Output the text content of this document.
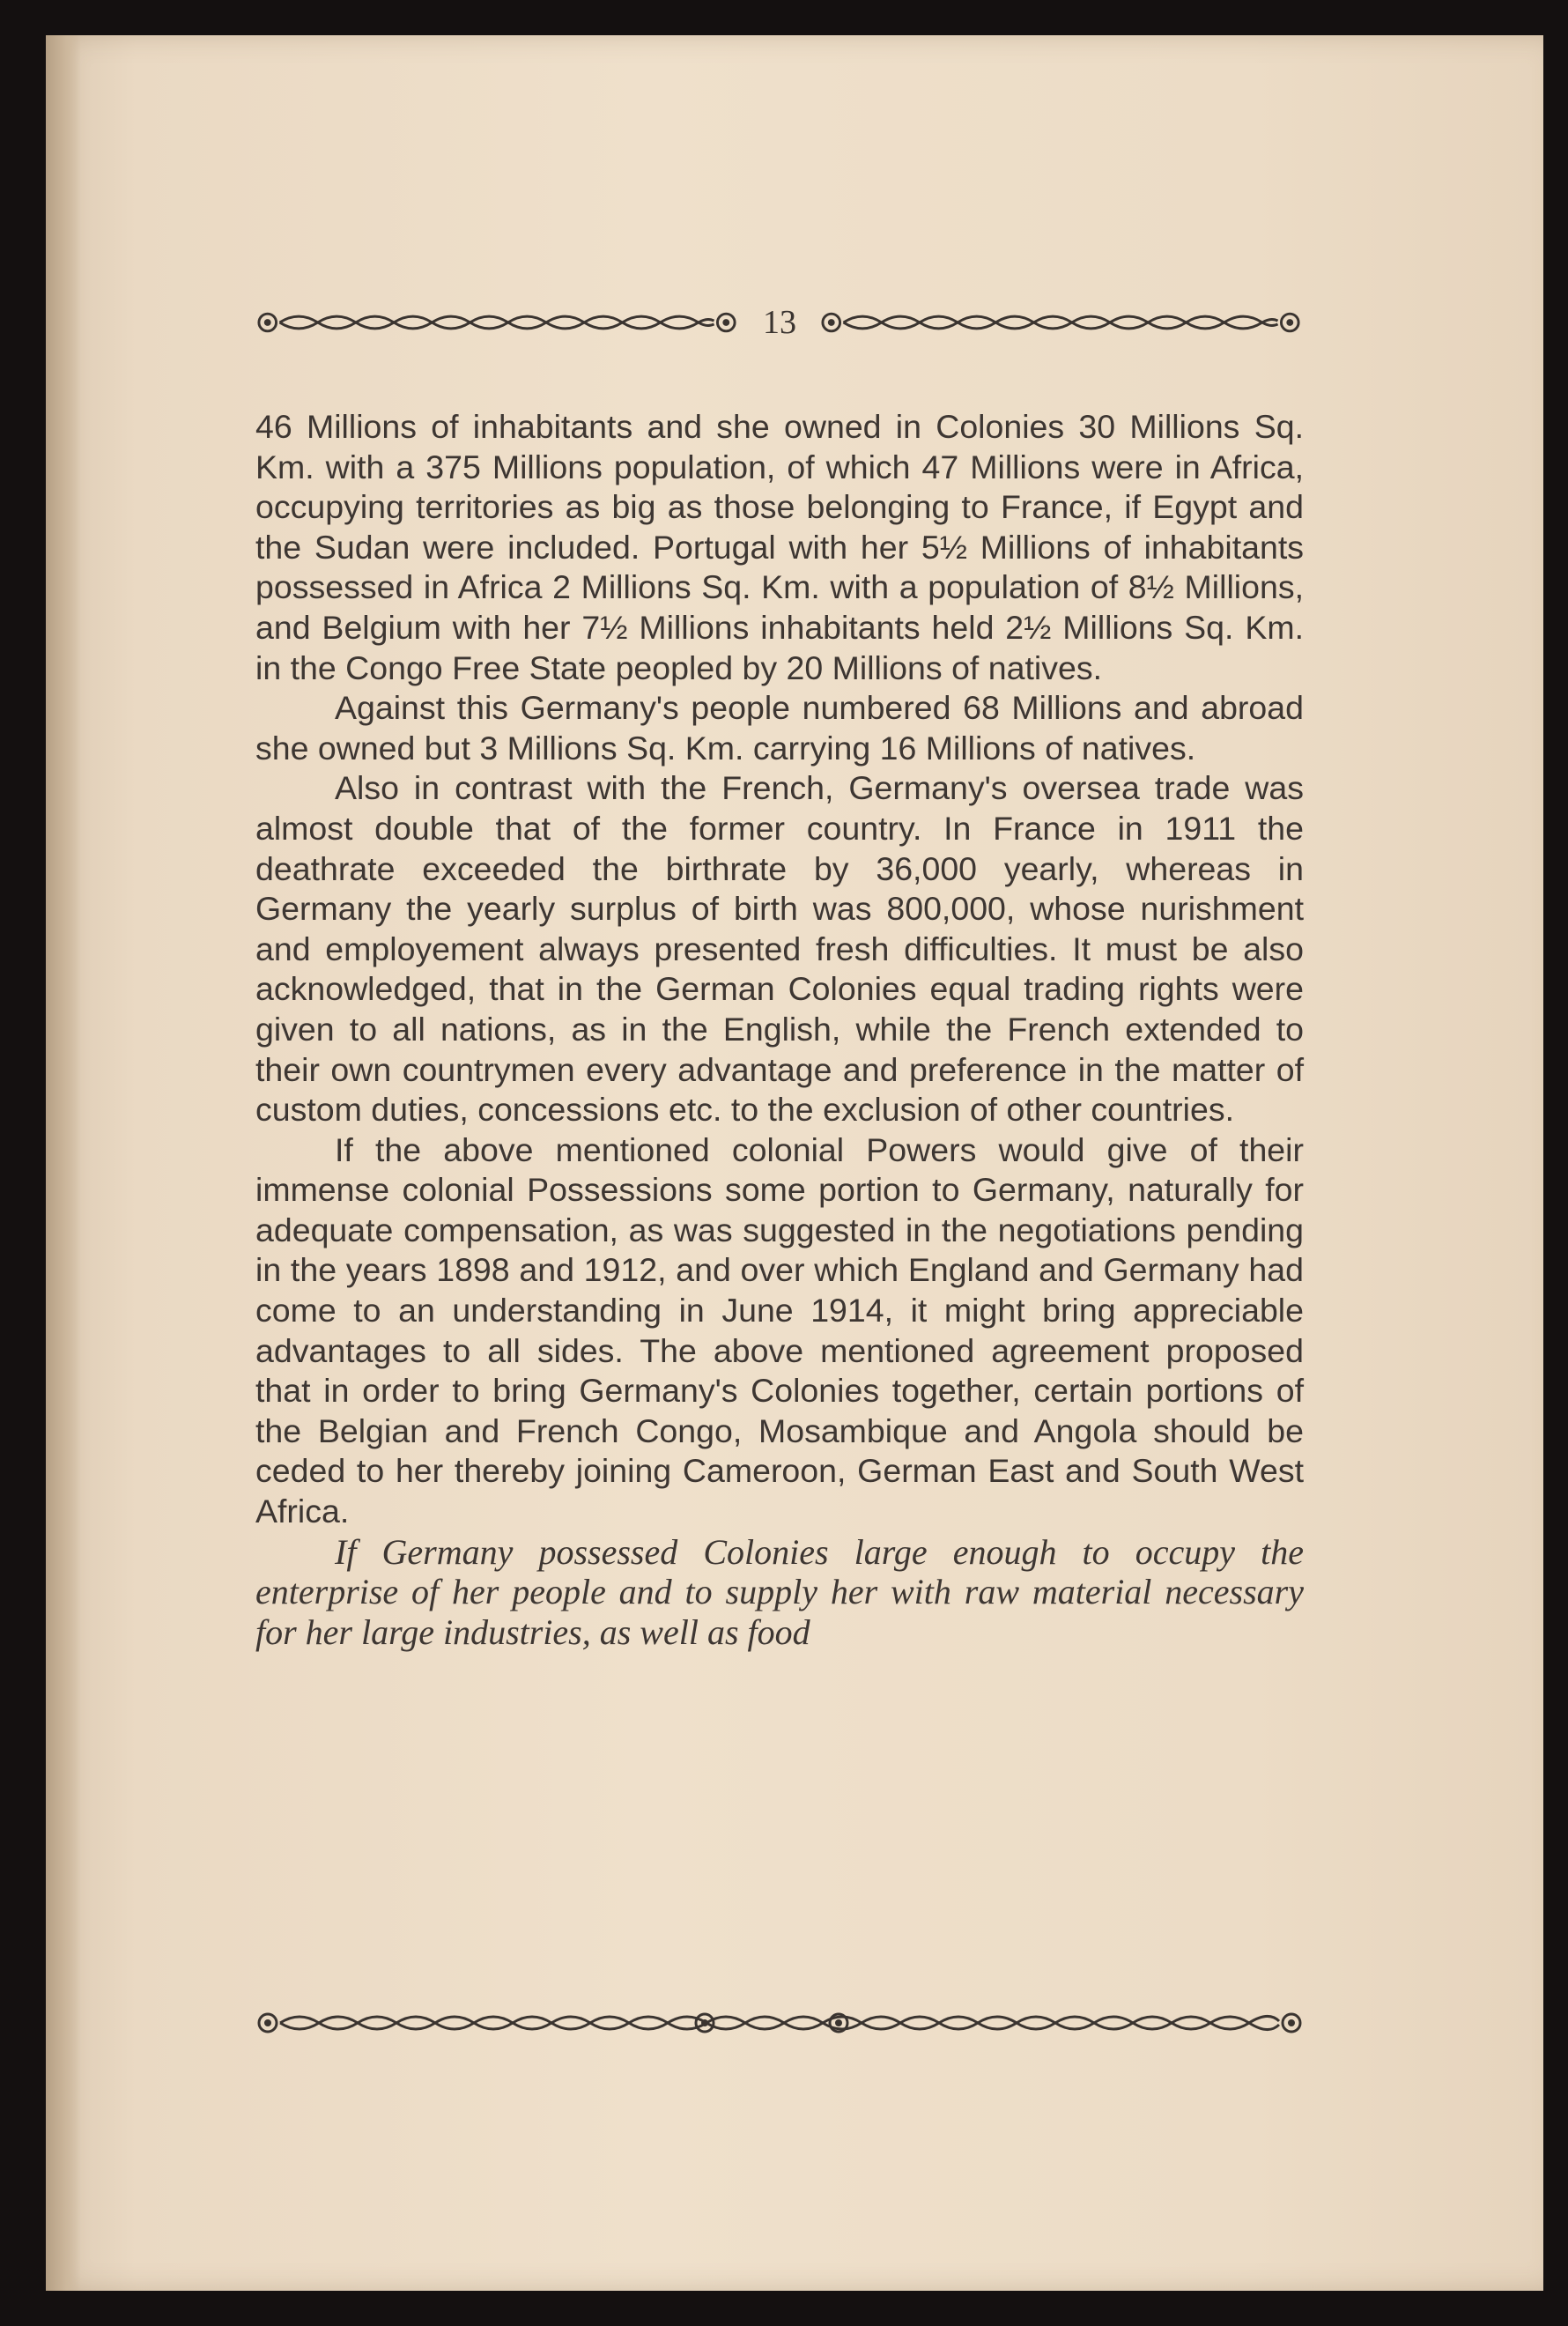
13

46 Millions of inhabitants and she owned in Colonies 30 Millions Sq. Km. with a 375 Millions population, of which 47 Millions were in Africa, occupying territories as big as those belonging to France, if Egypt and the Sudan were included. Portugal with her 5½ Millions of inhabitants possessed in Africa 2 Millions Sq. Km. with a population of 8½ Millions, and Belgium with her 7½ Millions inhabitants held 2½ Millions Sq. Km. in the Congo Free State peopled by 20 Millions of natives.

Against this Germany's people numbered 68 Millions and abroad she owned but 3 Millions Sq. Km. carrying 16 Millions of natives.

Also in contrast with the French, Germany's oversea trade was almost double that of the former country. In France in 1911 the deathrate exceeded the birthrate by 36,000 yearly, whereas in Germany the yearly surplus of birth was 800,000, whose nurishment and employement always presented fresh difficulties. It must be also acknowledged, that in the German Colonies equal trading rights were given to all nations, as in the English, while the French extended to their own countrymen every advantage and preference in the matter of custom duties, concessions etc. to the exclusion of other countries.

If the above mentioned colonial Powers would give of their immense colonial Possessions some portion to Germany, naturally for adequate compensation, as was suggested in the negotiations pending in the years 1898 and 1912, and over which England and Germany had come to an understanding in June 1914, it might bring appreciable advantages to all sides. The above mentioned agreement proposed that in order to bring Germany's Colonies together, certain portions of the Belgian and French Congo, Mosambique and Angola should be ceded to her thereby joining Cameroon, German East and South West Africa.

If Germany possessed Colonies large enough to occupy the enterprise of her people and to supply her with raw material necessary for her large industries, as well as food
